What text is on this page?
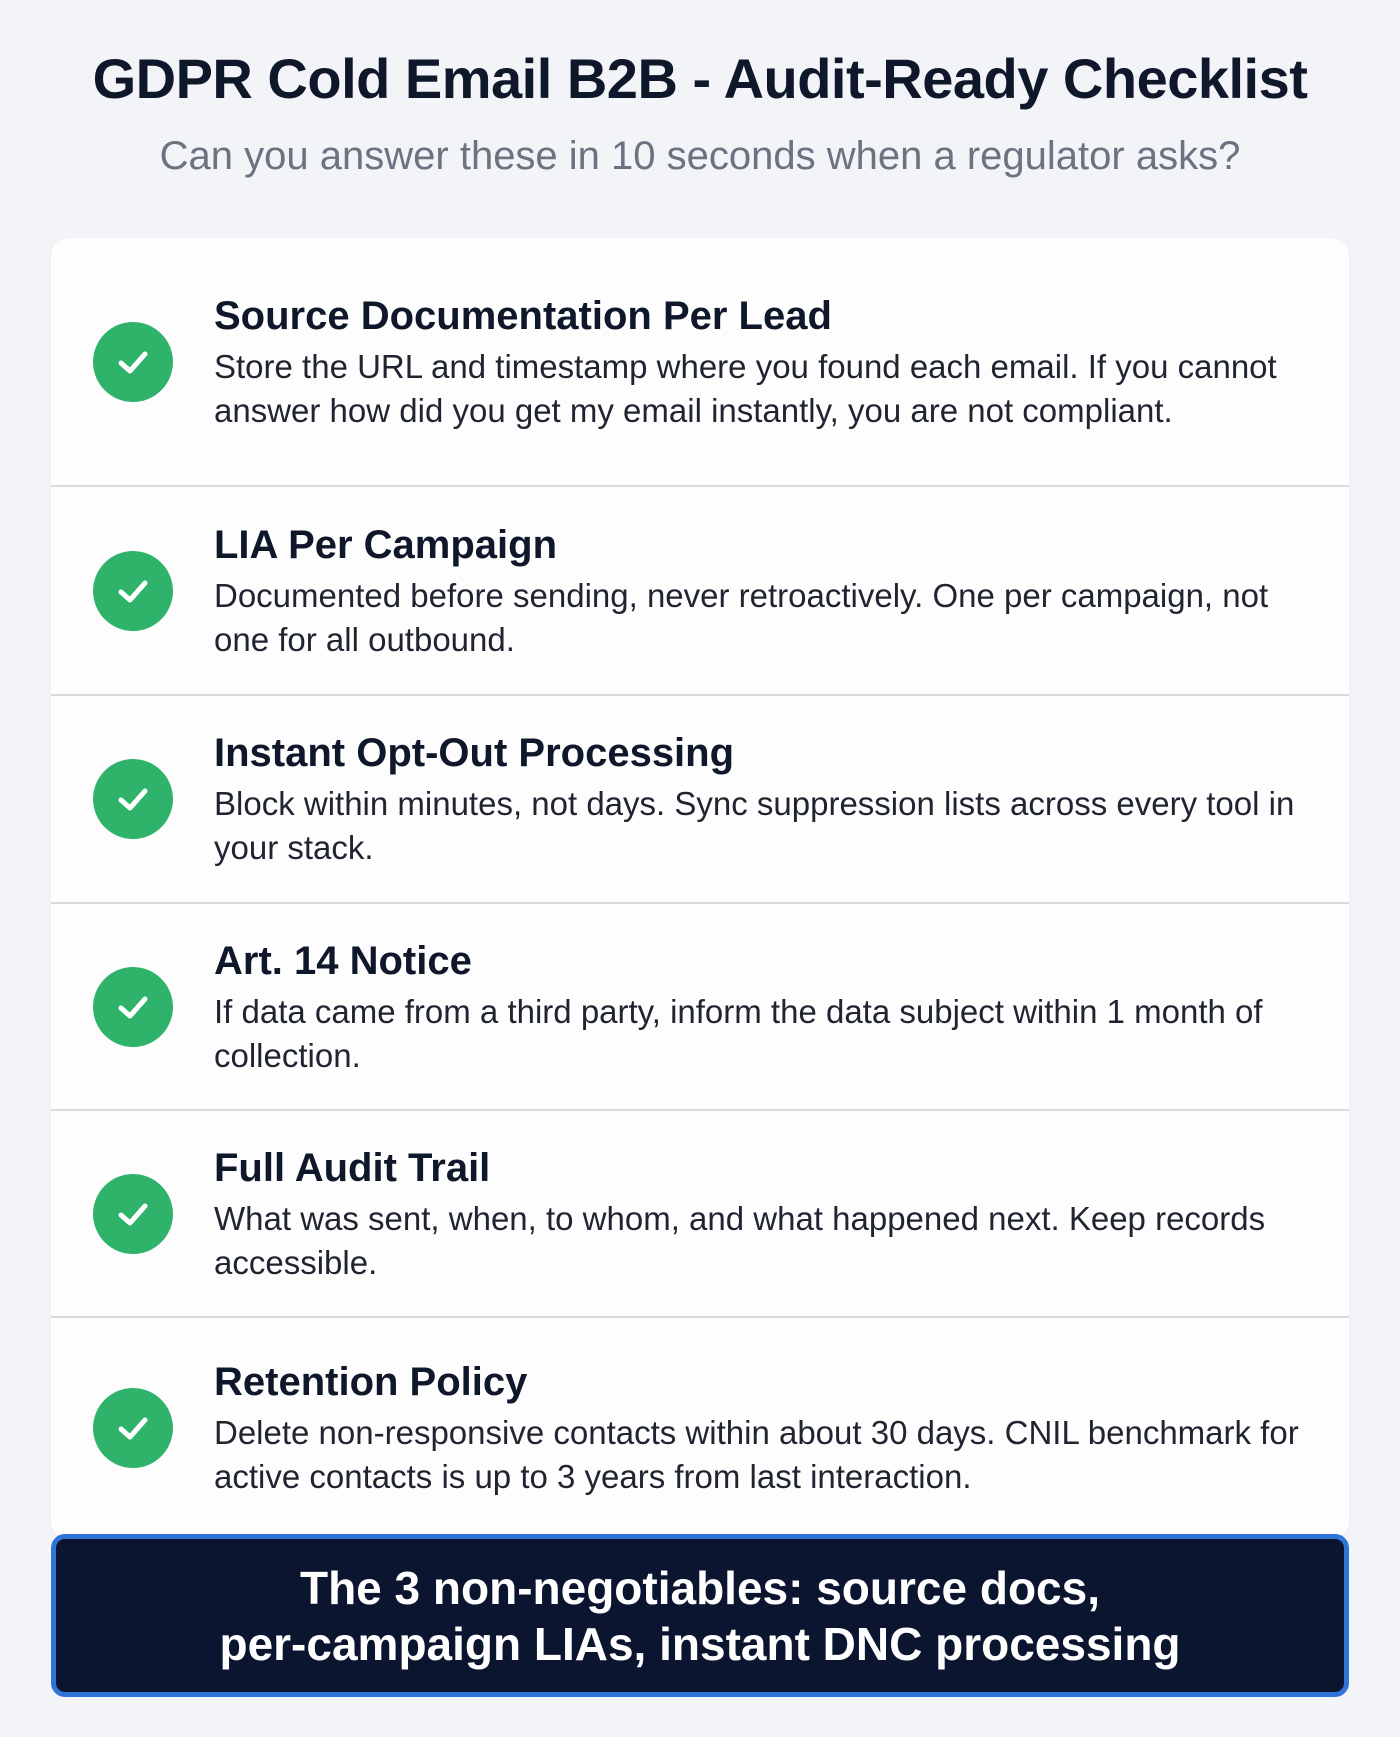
GDPR Cold Email B2B - Audit-Ready Checklist
Can you answer these in 10 seconds when a regulator asks?
Source Documentation Per Lead
Store the URL and timestamp where you found each email. If you cannot answer how did you get my email instantly, you are not compliant.
LIA Per Campaign
Documented before sending, never retroactively. One per campaign, not one for all outbound.
Instant Opt-Out Processing
Block within minutes, not days. Sync suppression lists across every tool in your stack.
Art. 14 Notice
If data came from a third party, inform the data subject within 1 month of collection.
Full Audit Trail
What was sent, when, to whom, and what happened next. Keep records accessible.
Retention Policy
Delete non-responsive contacts within about 30 days. CNIL benchmark for active contacts is up to 3 years from last interaction.
The 3 non-negotiables: source docs,
per-campaign LIAs, instant DNC processing
